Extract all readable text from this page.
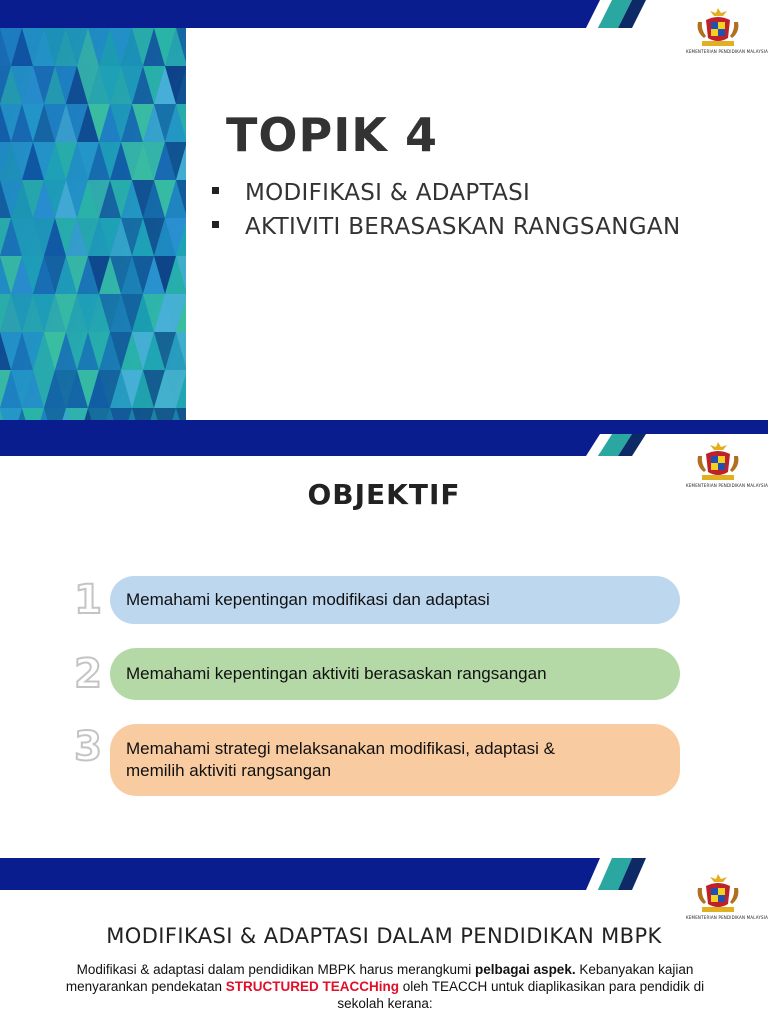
KEMENTERIAN PENDIDIKAN MALAYSIA
TOPIK 4
MODIFIKASI & ADAPTASI
AKTIVITI BERASASKAN RANGSANGAN
KEMENTERIAN PENDIDIKAN MALAYSIA
OBJEKTIF
1	Memahami kepentingan modifikasi dan adaptasi
2	Memahami kepentingan aktiviti berasaskan rangsangan
3	Memahami strategi melaksanakan modifikasi, adaptasi &
memilih aktiviti rangsangan
KEMENTERIAN PENDIDIKAN MALAYSIA
MODIFIKASI & ADAPTASI DALAM PENDIDIKAN MBPK
Modifikasi & adaptasi dalam pendidikan MBPK harus merangkumi pelbagai aspek. Kebanyakan kajian menyarankan pendekatan STRUCTURED TEACCHing oleh TEACCH untuk diaplikasikan para pendidik di sekolah kerana:
